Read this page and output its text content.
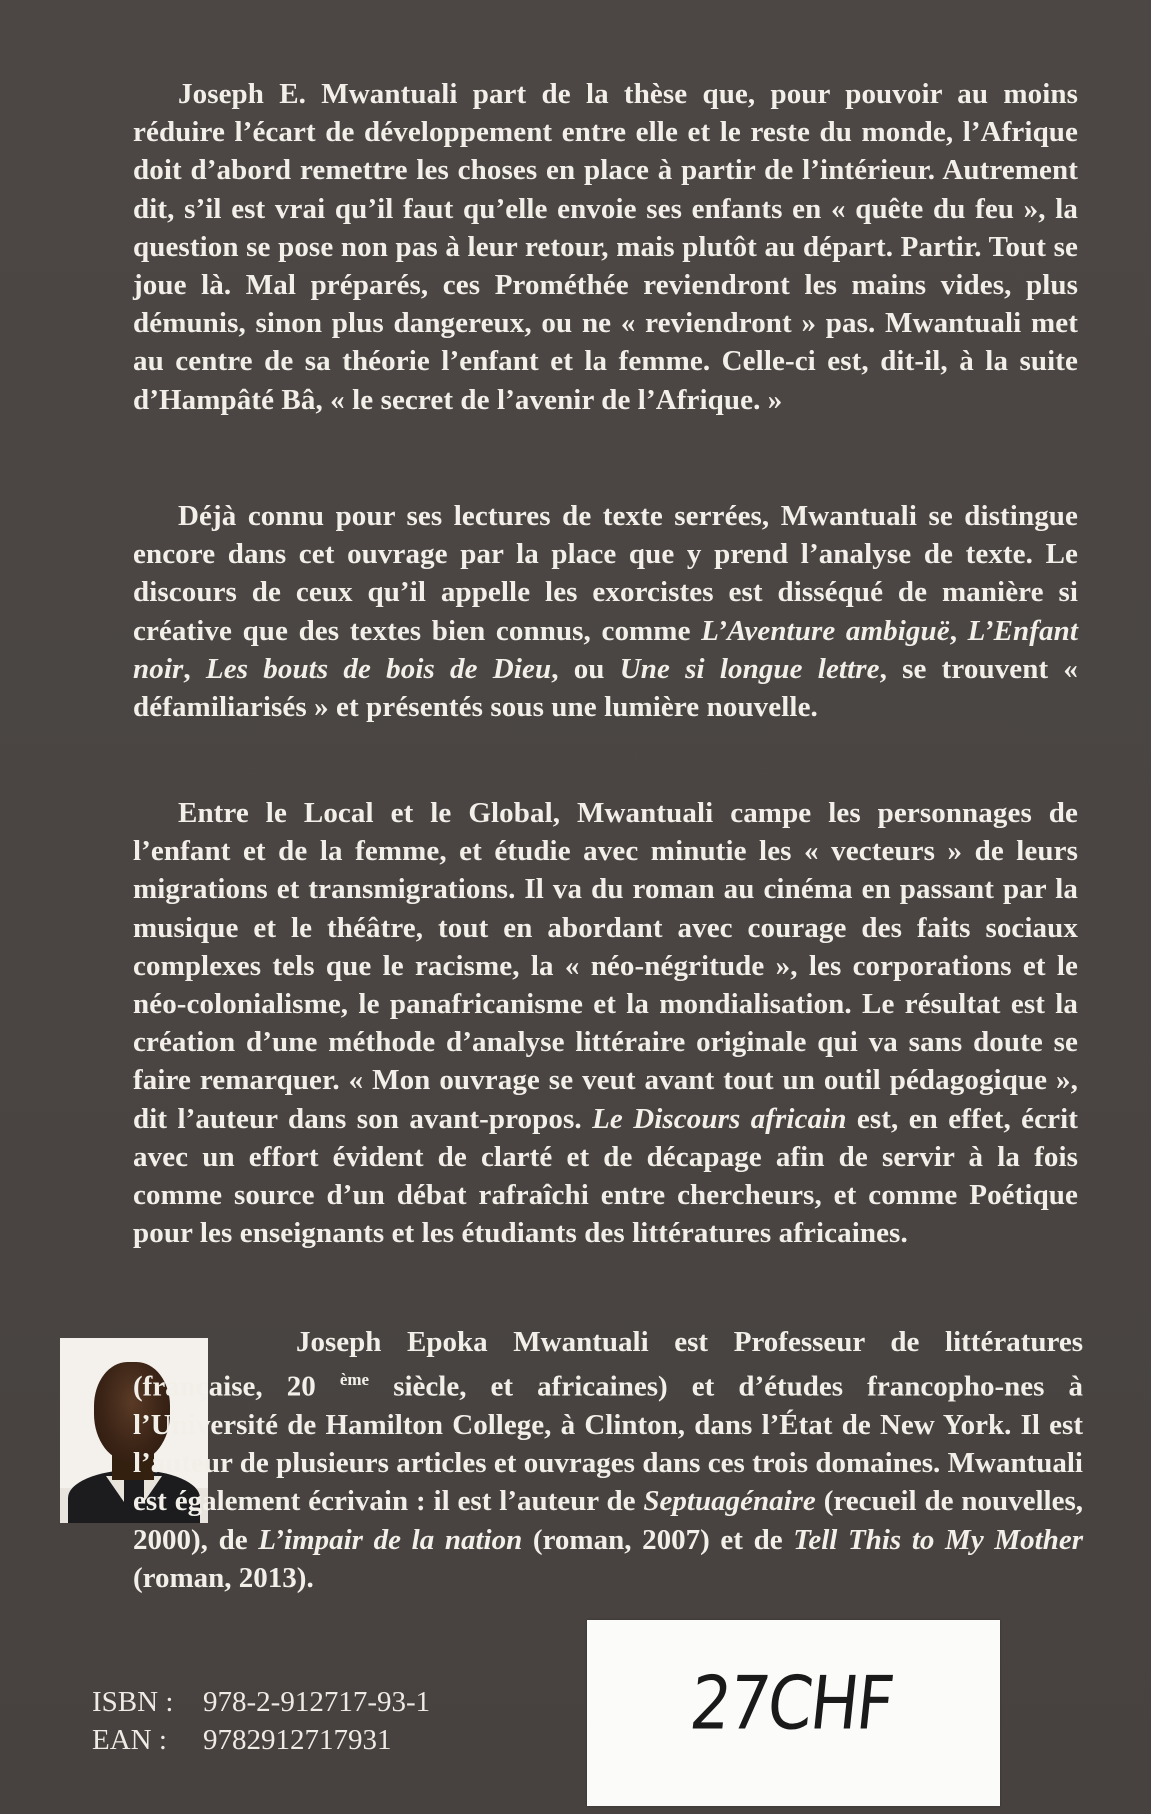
Joseph E. Mwantuali part de la thèse que, pour pouvoir au moins réduire l’écart de développement entre elle et le reste du monde, l’Afrique doit d’abord remettre les choses en place à partir de l’intérieur. Autrement dit, s’il est vrai qu’il faut qu’elle envoie ses enfants en « quête du feu », la question se pose non pas à leur retour, mais plutôt au départ. Partir. Tout se joue là. Mal préparés, ces Prométhée reviendront les mains vides, plus démunis, sinon plus dangereux, ou ne « reviendront » pas. Mwantuali met au centre de sa théorie l’enfant et la femme. Celle-ci est, dit-il, à la suite d’Hampâté Bâ, « le secret de l’avenir de l’Afrique. »
Déjà connu pour ses lectures de texte serrées, Mwantuali se distingue encore dans cet ouvrage par la place que y prend l’analyse de texte. Le discours de ceux qu’il appelle les exorcistes est disséqué de manière si créative que des textes bien connus, comme L’Aventure ambiguë, L’Enfant noir, Les bouts de bois de Dieu, ou Une si longue lettre, se trouvent « défamiliarisés » et présentés sous une lumière nouvelle.
Entre le Local et le Global, Mwantuali campe les personnages de l’enfant et de la femme, et étudie avec minutie les « vecteurs » de leurs migrations et transmigrations. Il va du roman au cinéma en passant par la musique et le théâtre, tout en abordant avec courage des faits sociaux complexes tels que le racisme, la « néo-négritude », les corporations et le néo-colonialisme, le panafricanisme et la mondialisation. Le résultat est la création d’une méthode d’analyse littéraire originale qui va sans doute se faire remarquer. « Mon ouvrage se veut avant tout un outil pédagogique », dit l’auteur dans son avant-propos. Le Discours africain est, en effet, écrit avec un effort évident de clarté et de décapage afin de servir à la fois comme source d’un débat rafraîchi entre chercheurs, et comme Poétique pour les enseignants et les étudiants des littératures africaines.
Joseph Epoka Mwantuali est Professeur de littératures (française, 20 $^{ème}$ siècle, et africaines) et d’études francopho-nes à l’Université de Hamilton College, à Clinton, dans l’État de New York. Il est l’auteur de plusieurs articles et ouvrages dans ces trois domaines. Mwantuali est également écrivain : il est l’auteur de Septuagénaire (recueil de nouvelles, 2000), de L’impair de la nation (roman, 2007) et de Tell This to My Mother (roman, 2013).
ISBN : 978-2-912717-93-1
EAN : 9782912717931	27CHF
